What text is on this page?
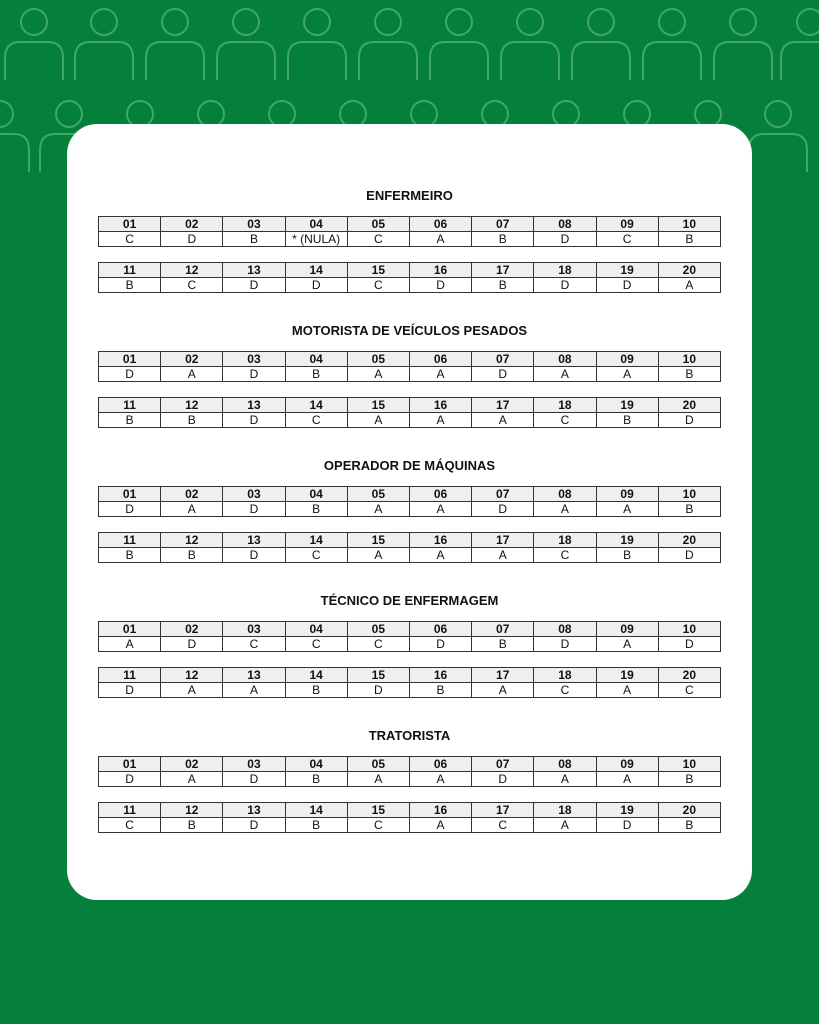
ENFERMEIRO
01	02	03	04	05	06	07	08	09	10
C	D	B	* (NULA)	C	A	B	D	C	B
11	12	13	14	15	16	17	18	19	20
B	C	D	D	C	D	B	D	D	A
MOTORISTA DE VEÍCULOS PESADOS
01	02	03	04	05	06	07	08	09	10
D	A	D	B	A	A	D	A	A	B
11	12	13	14	15	16	17	18	19	20
B	B	D	C	A	A	A	C	B	D
OPERADOR DE MÁQUINAS
01	02	03	04	05	06	07	08	09	10
D	A	D	B	A	A	D	A	A	B
11	12	13	14	15	16	17	18	19	20
B	B	D	C	A	A	A	C	B	D
TÉCNICO DE ENFERMAGEM
01	02	03	04	05	06	07	08	09	10
A	D	C	C	C	D	B	D	A	D
11	12	13	14	15	16	17	18	19	20
D	A	A	B	D	B	A	C	A	C
TRATORISTA
01	02	03	04	05	06	07	08	09	10
D	A	D	B	A	A	D	A	A	B
11	12	13	14	15	16	17	18	19	20
C	B	D	B	C	A	C	A	D	B
